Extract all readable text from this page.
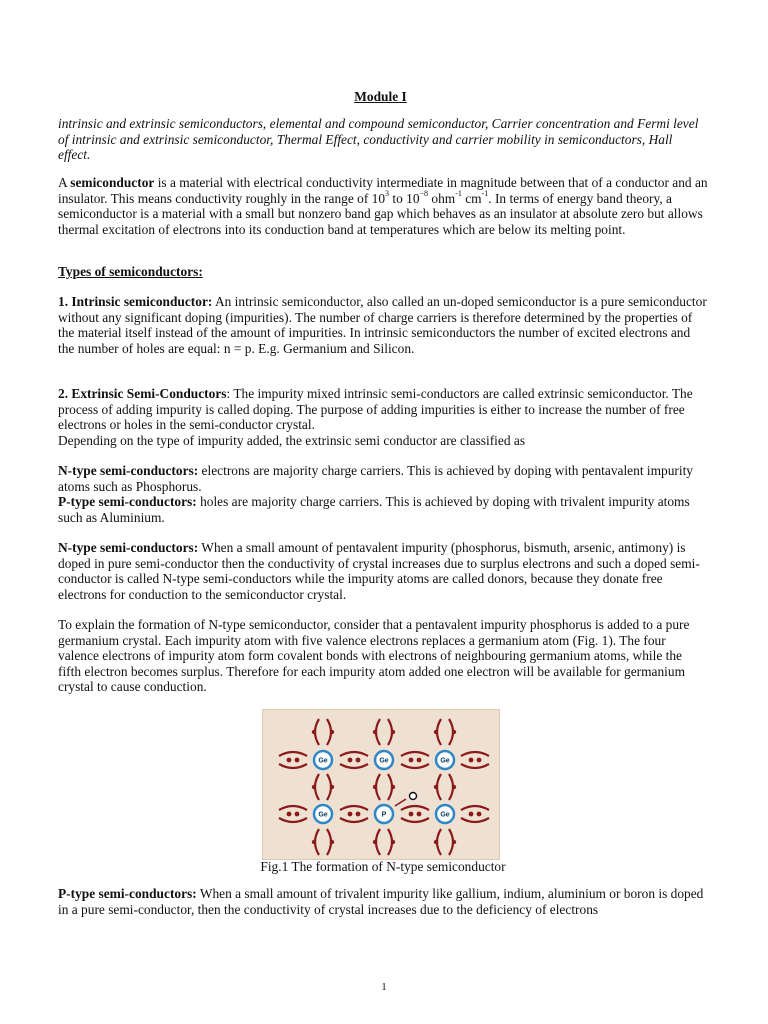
Module I

intrinsic and extrinsic semiconductors, elemental and compound semiconductor, Carrier concentration and Fermi level of intrinsic and extrinsic semiconductor, Thermal Effect, conductivity and carrier mobility in semiconductors, Hall effect.

A semiconductor is a material with electrical conductivity intermediate in magnitude between that of a conductor and an insulator. This means conductivity roughly in the range of $10^3$ to $10^{-8}$ ohm$^{-1}$ $cm^{-1}$. In terms of energy band theory, a semiconductor is a material with a small but nonzero band gap which behaves as an insulator at absolute zero but allows thermal excitation of electrons into its conduction band at temperatures which are below its melting point.

Types of semiconductors:

1. Intrinsic semiconductor: An intrinsic semiconductor, also called an un-doped semiconductor is a pure semiconductor without any significant doping (impurities). The number of charge carriers is therefore determined by the properties of the material itself instead of the amount of impurities. In intrinsic semiconductors the number of excited electrons and the number of holes are equal: n = p. E.g. Germanium and Silicon.

2. Extrinsic Semi-Conductors: The impurity mixed intrinsic semi-conductors are called extrinsic semiconductor. The process of adding impurity is called doping. The purpose of adding impurities is either to increase the number of free electrons or holes in the semi-conductor crystal.
Depending on the type of impurity added, the extrinsic semi conductor are classified as

N-type semi-conductors: electrons are majority charge carriers. This is achieved by doping with pentavalent impurity atoms such as Phosphorus.
P-type semi-conductors: holes are majority charge carriers. This is achieved by doping with trivalent impurity atoms such as Aluminium.

N-type semi-conductors: When a small amount of pentavalent impurity (phosphorus, bismuth, arsenic, antimony) is doped in pure semi-conductor then the conductivity of crystal increases due to surplus electrons and such a doped semi-conductor is called N-type semi-conductors while the impurity atoms are called donors, because they donate free electrons for conduction to the semiconductor crystal.

To explain the formation of N-type semiconductor, consider that a pentavalent impurity phosphorus is added to a pure germanium crystal. Each impurity atom with five valence electrons replaces a germanium atom (Fig. 1). The four valence electrons of impurity atom form covalent bonds with electrons of neighbouring germanium atoms, while the fifth electron becomes surplus. Therefore for each impurity atom added one electron will be available for germanium crystal to cause conduction.

Ge	Ge	Ge
Ge	P	Ge
Fig.1 The formation of N-type semiconductor

P-type semi-conductors: When a small amount of trivalent impurity like gallium, indium, aluminium or boron is doped in a pure semi-conductor, then the conductivity of crystal increases due to the deficiency of electrons

1
